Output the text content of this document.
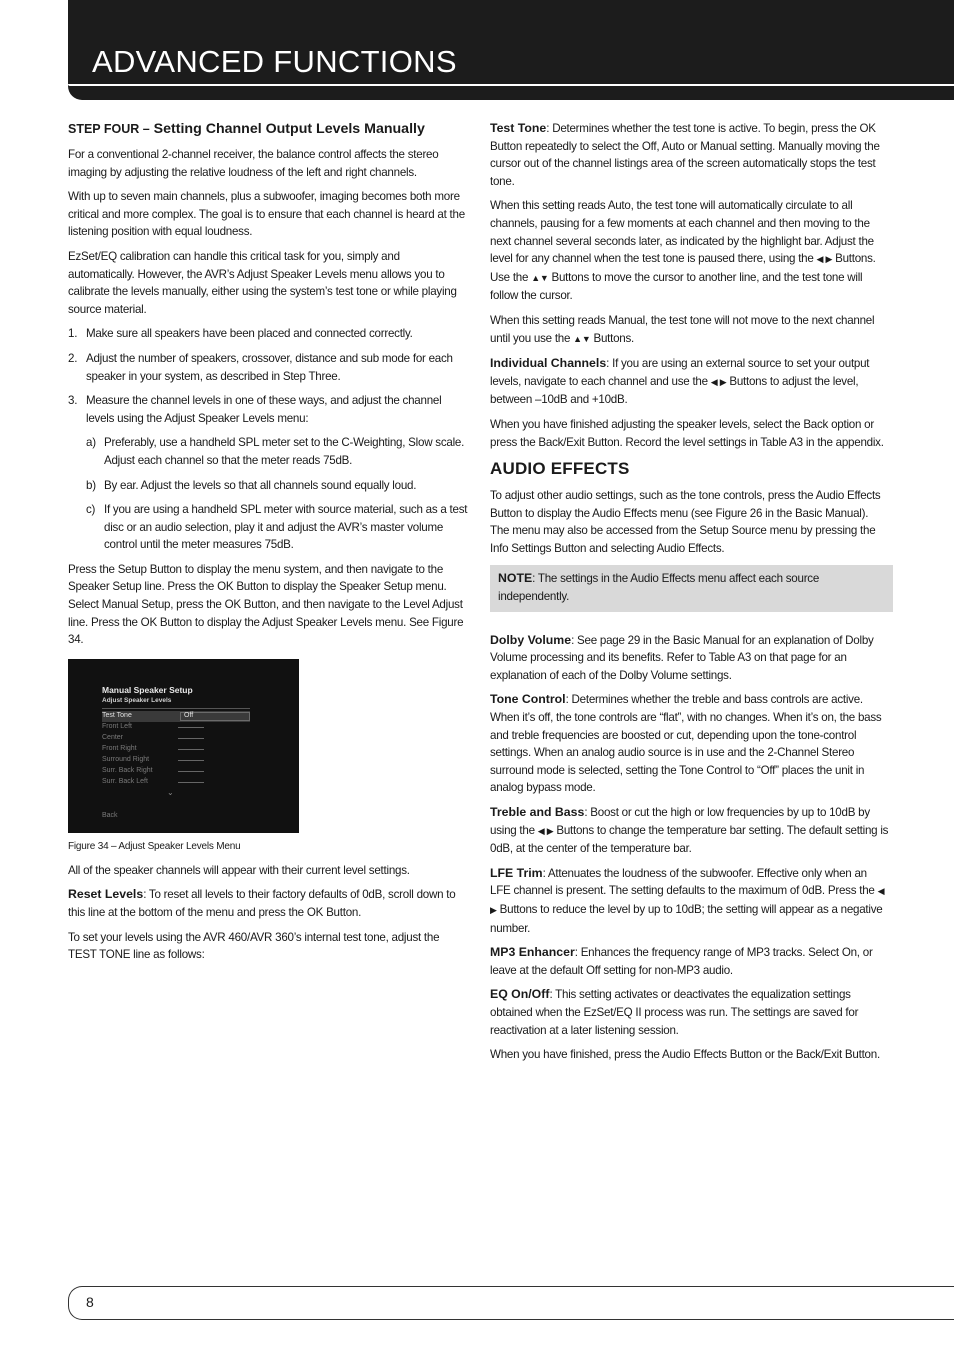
ADVANCED FUNCTIONS
STEP FOUR – Setting Channel Output Levels Manually

For a conventional 2-channel receiver, the balance control affects the stereo imaging by adjusting the relative loudness of the left and right channels.

With up to seven main channels, plus a subwoofer, imaging becomes both more critical and more complex. The goal is to ensure that each channel is heard at the listening position with equal loudness.

EzSet/EQ calibration can handle this critical task for you, simply and automatically. However, the AVR’s Adjust Speaker Levels menu allows you to calibrate the levels manually, either using the system’s test tone or while playing source material.

1. Make sure all speakers have been placed and connected correctly.
2. Adjust the number of speakers, crossover, distance and sub mode for each speaker in your system, as described in Step Three.
3. Measure the channel levels in one of these ways, and adjust the channel levels using the Adjust Speaker Levels menu:
a) Preferably, use a handheld SPL meter set to the C-Weighting, Slow scale. Adjust each channel so that the meter reads 75dB.
b) By ear. Adjust the levels so that all channels sound equally loud.
c) If you are using a handheld SPL meter with source material, such as a test disc or an audio selection, play it and adjust the AVR’s master volume control until the meter measures 75dB.

Press the Setup Button to display the menu system, and then navigate to the Speaker Setup line. Press the OK Button to display the Speaker Setup menu. Select Manual Setup, press the OK Button, and then navigate to the Level Adjust line. Press the OK Button to display the Adjust Speaker Levels menu. See Figure 34.

Manual Speaker Setup
Adjust Speaker Levels
Test Tone	Off
Front Left
Center
Front Right
Surround Right
Surr. Back Right
Surr. Back Left
⌄
Back

Figure 34 – Adjust Speaker Levels Menu

All of the speaker channels will appear with their current level settings.

Reset Levels: To reset all levels to their factory defaults of 0dB, scroll down to this line at the bottom of the menu and press the OK Button.

To set your levels using the AVR 460/AVR 360’s internal test tone, adjust the TEST TONE line as follows:

Test Tone: Determines whether the test tone is active. To begin, press the OK Button repeatedly to select the Off, Auto or Manual setting. Manually moving the cursor out of the channel listings area of the screen automatically stops the test tone.

When this setting reads Auto, the test tone will automatically circulate to all channels, pausing for a few moments at each channel and then moving to the next channel several seconds later, as indicated by the highlight bar. Adjust the level for any channel when the test tone is paused there, using the ◀ ▶ Buttons. Use the ▲▼ Buttons to move the cursor to another line, and the test tone will follow the cursor.

When this setting reads Manual, the test tone will not move to the next channel until you use the ▲▼ Buttons.

Individual Channels: If you are using an external source to set your output levels, navigate to each channel and use the ◀ ▶ Buttons to adjust the level, between –10dB and +10dB.

When you have finished adjusting the speaker levels, select the Back option or press the Back/Exit Button. Record the level settings in Table A3 in the appendix.

AUDIO EFFECTS

To adjust other audio settings, such as the tone controls, press the Audio Effects Button to display the Audio Effects menu (see Figure 26 in the Basic Manual). The menu may also be accessed from the Setup Source menu by pressing the Info Settings Button and selecting Audio Effects.

NOTE: The settings in the Audio Effects menu affect each source independently.

Dolby Volume: See page 29 in the Basic Manual for an explanation of Dolby Volume processing and its benefits. Refer to Table A3 on that page for an explanation of each of the Dolby Volume settings.

Tone Control: Determines whether the treble and bass controls are active. When it’s off, the tone controls are “flat”, with no changes. When it’s on, the bass and treble frequencies are boosted or cut, depending upon the tone-control settings. When an analog audio source is in use and the 2-Channel Stereo surround mode is selected, setting the Tone Control to “Off” places the unit in analog bypass mode.

Treble and Bass: Boost or cut the high or low frequencies by up to 10dB by using the ◀ ▶ Buttons to change the temperature bar setting. The default setting is 0dB, at the center of the temperature bar.

LFE Trim: Attenuates the loudness of the subwoofer. Effective only when an LFE channel is present. The setting defaults to the maximum of 0dB. Press the ◀ ▶ Buttons to reduce the level by up to 10dB; the setting will appear as a negative number.

MP3 Enhancer: Enhances the frequency range of MP3 tracks. Select On, or leave at the default Off setting for non-MP3 audio.

EQ On/Off: This setting activates or deactivates the equalization settings obtained when the EzSet/EQ II process was run. The settings are saved for reactivation at a later listening session.

When you have finished, press the Audio Effects Button or the Back/Exit Button.

8
